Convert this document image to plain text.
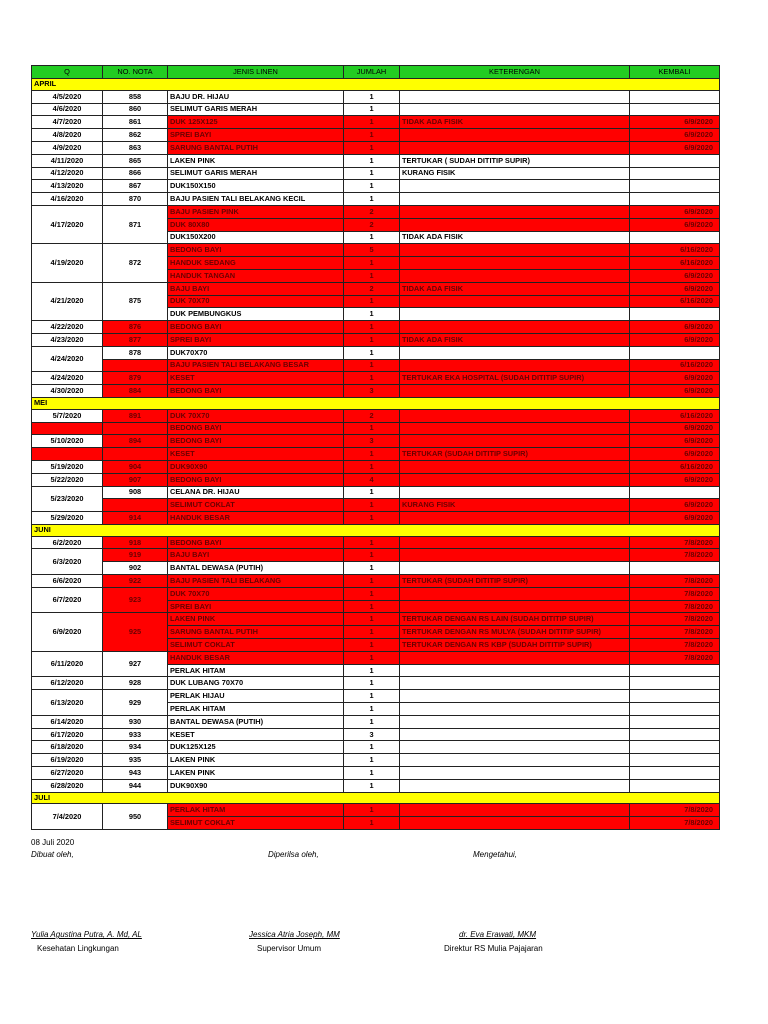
Q	NO. NOTA	JENIS LINEN	JUMLAH	KETERENGAN	KEMBALI
APRIL					
4/5/2020	858	BAJU DR. HIJAU	1		
4/6/2020	860	SELIMUT GARIS MERAH	1		
4/7/2020	861	DUK 125X125	1	TIDAK ADA FISIK	6/9/2020
4/8/2020	862	SPREI BAYI	1		6/9/2020
4/9/2020	863	SARUNG BANTAL PUTIH	1		6/9/2020
4/11/2020	865	LAKEN PINK	1	TERTUKAR ( SUDAH DITITIP SUPIR)	
4/12/2020	866	SELIMUT GARIS MERAH	1	KURANG FISIK	
4/13/2020	867	DUK150X150	1		
4/16/2020	870	BAJU PASIEN TALI BELAKANG KECIL	1		
4/17/2020	871	BAJU PASIEN PINK	2		6/9/2020
		DUK 80X80	2		6/9/2020
		DUK150X200	1	TIDAK ADA FISIK	
4/19/2020	872	BEDONG BAYI	5		6/16/2020
		HANDUK SEDANG	1		6/16/2020
		HANDUK TANGAN	1		6/9/2020
4/21/2020	875	BAJU BAYI	2	TIDAK ADA FISIK	6/9/2020
		DUK 70X70	1		6/16/2020
		DUK PEMBUNGKUS	1		
4/22/2020	876	BEDONG BAYI	1		6/9/2020
4/23/2020	877	SPREI BAYI	1	TIDAK ADA FISIK	6/9/2020
4/24/2020	878	DUK70X70	1		
		BAJU PASIEN TALI BELAKANG BESAR	1		6/16/2020
4/24/2020	879	KESET	1	TERTUKAR EKA HOSPITAL (SUDAH DITITIP SUPIR)	6/9/2020
4/30/2020	884	BEDONG BAYI	3		6/9/2020
MEI					
5/7/2020	891	DUK 70X70	2		6/16/2020
		BEDONG BAYI	1		6/9/2020
5/10/2020	894	BEDONG BAYI	3		6/9/2020
		KESET	1	TERTUKAR (SUDAH DITITIP SUPIR)	6/9/2020
5/19/2020	904	DUK90X90	1		6/16/2020
5/22/2020	907	BEDONG BAYI	4		6/9/2020
5/23/2020	908	CELANA DR. HIJAU	1		
		SELIMUT COKLAT	1	KURANG FISIK	6/9/2020
5/29/2020	914	HANDUK BESAR	1		6/9/2020
JUNI					
6/2/2020	918	BEDONG BAYI	1		7/8/2020
6/3/2020	919	BAJU BAYI	1		7/8/2020
	902	BANTAL DEWASA (PUTIH)	1		
6/6/2020	922	BAJU PASIEN TALI BELAKANG	1	TERTUKAR (SUDAH DITITIP SUPIR)	7/8/2020
6/7/2020	923	DUK 70X70	1		7/8/2020
		SPREI BAYI	1		7/8/2020
6/9/2020	925	LAKEN PINK	1	TERTUKAR DENGAN RS LAIN (SUDAH DITITIP SUPIR)	7/8/2020
		SARUNG BANTAL PUTIH	1	TERTUKAR DENGAN RS MULYA (SUDAH DITITIP SUPIR)	7/8/2020
		SELIMUT COKLAT	1	TERTUKAR DENGAN RS KBP (SUDAH DITITIP SUPIR)	7/8/2020
6/11/2020	927	HANDUK BESAR	1		7/8/2020
		PERLAK HITAM	1		
6/12/2020	928	DUK LUBANG 70X70	1		
6/13/2020	929	PERLAK HIJAU	1		
		PERLAK HITAM	1		
6/14/2020	930	BANTAL DEWASA (PUTIH)	1		
6/17/2020	933	KESET	3		
6/18/2020	934	DUK125X125	1		
6/19/2020	935	LAKEN PINK	1		
6/27/2020	943	LAKEN PINK	1		
6/28/2020	944	DUK90X90	1		
JULI					
7/4/2020	950	PERLAK HITAM	1		7/8/2020
		SELIMUT COKLAT	1		7/8/2020
08 Juli 2020
Dibuat oleh,	Diperilsa oleh,	Mengetahui,
Yulia Agustina Putra, A. Md, AL
Kesehatan Lingkungan
Jessica Atria Joseph, MM
Supervisor Umum
dr. Eva Erawati, MKM
Direktur RS Mulia Pajajaran
